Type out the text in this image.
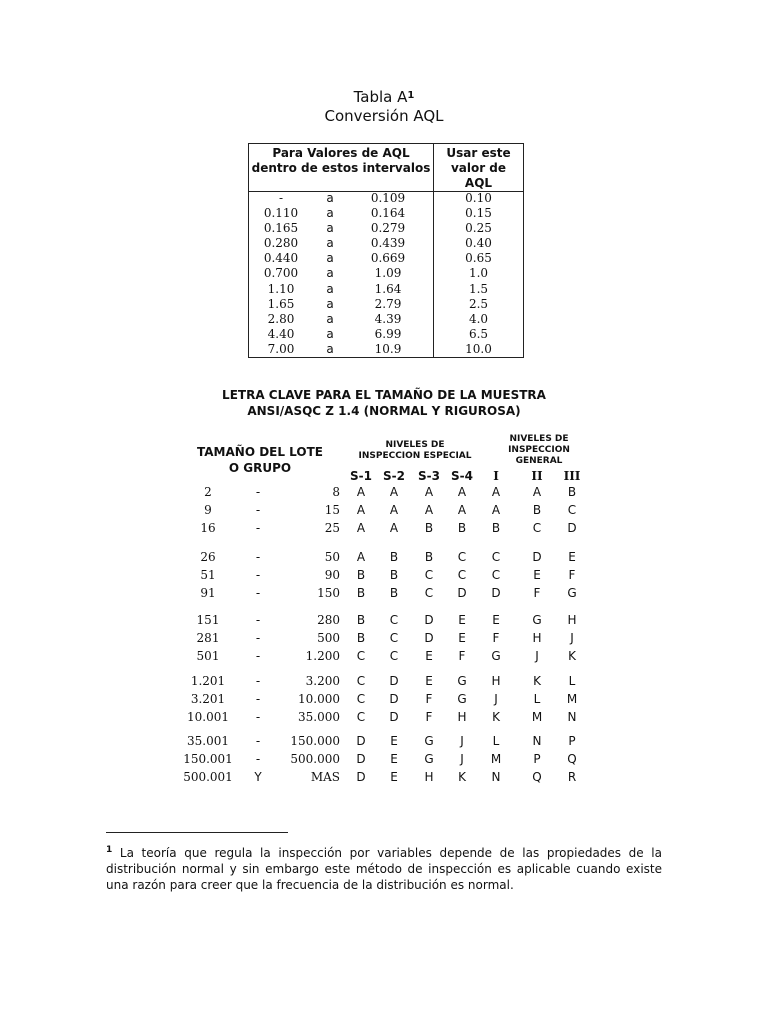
Tabla $A^1$
Conversión AQL
Para Valores de AQL
dentro de estos intervalos
Usar este
valor de
AQL
-	a	0.109	0.10
0.110	a	0.164	0.15
0.165	a	0.279	0.25
0.280	a	0.439	0.40
0.440	a	0.669	0.65
0.700	a	1.09	1.0
1.10	a	1.64	1.5
1.65	a	2.79	2.5
2.80	a	4.39	4.0
4.40	a	6.99	6.5
7.00	a	10.9	10.0
LETRA CLAVE PARA EL TAMAÑO DE LA MUESTRA
ANSI/ASQC Z 1.4 (NORMAL Y RIGUROSA)
TAMAÑO DEL LOTE
O GRUPO
NIVELES DE
INSPECCION ESPECIAL
NIVELES DE
INSPECCION
GENERAL
S-1 S-2	S-3 S-4	I	II	III
2	-	8	A	A	A	A	A	A	B
9	-	15	A	A	A	A	A	B	C
16	-	25	A	A	B	B	B	C	D
26	-	50	A	B	B	C	C	D	E
51	-	90	B	B	C	C	C	E	F
91	-	150	B	B	C	D	D	F	G
151	-	280	B	C	D	E	E	G	H
281	-	500	B	C	D	E	F	H	J
501	-	1.200	C	C	E	F	G	J	K
1.201	-	3.200	C	D	E	G	H	K	L
3.201	-	10.000	C	D	F	G	J	L	M
10.001	-	35.000	C	D	F	H	K	M	N
35.001	-	150.000	D	E	G	J	L	N	P
150.001	-	500.000	D	E	G	J	M	P	Q
500.001	Y	MAS	D	E	H	K	N	Q	R
$^1$ La teoría que regula la inspección por variables depende de las propiedades de la distribución normal y sin embargo este método de inspección es aplicable cuando existe una razón para creer que la frecuencia de la distribución es normal.
